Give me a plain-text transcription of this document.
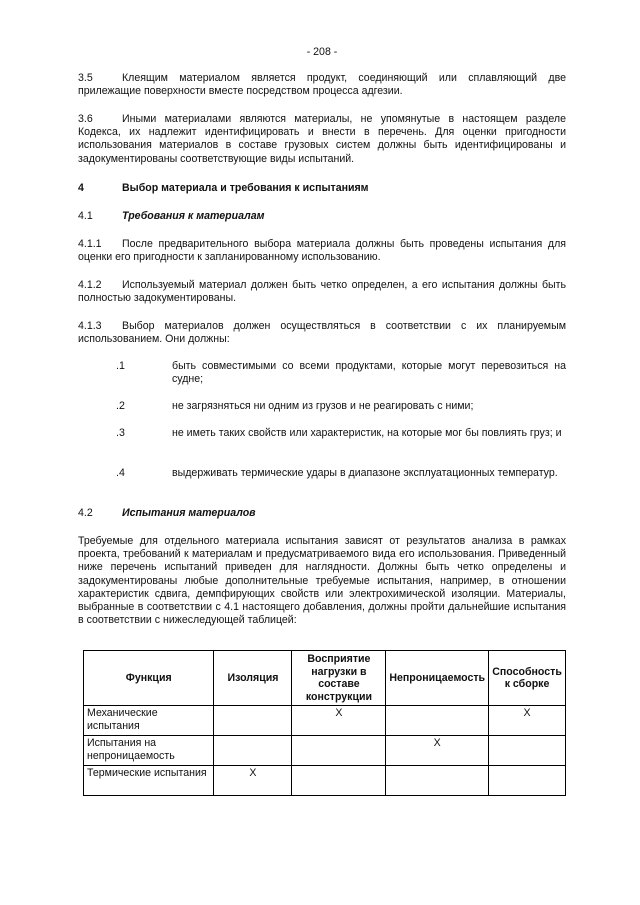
- 208 -
3.5	Клеящим материалом является продукт, соединяющий или сплавляющий две прилежащие поверхности вместе посредством процесса адгезии.
3.6	Иными материалами являются материалы, не упомянутые в настоящем разделе Кодекса, их надлежит идентифицировать и внести в перечень. Для оценки пригодности использования материалов в составе грузовых систем должны быть идентифицированы и задокументированы соответствующие виды испытаний.
4	Выбор материала и требования к испытаниям
4.1	Требования к материалам
4.1.1 После предварительного выбора материала должны быть проведены испытания для оценки его пригодности к запланированному использованию.
4.1.2 Используемый материал должен быть четко определен, а его испытания должны быть полностью задокументированы.
4.1.3 Выбор материалов должен осуществляться в соответствии с их планируемым использованием. Они должны:
.1	быть совместимыми со всеми продуктами, которые могут перевозиться на судне;
.2	не загрязняться ни одним из грузов и не реагировать с ними;
.3	не иметь таких свойств или характеристик, на которые мог бы повлиять груз; и
.4	выдерживать термические удары в диапазоне эксплуатационных температур.
4.2	Испытания материалов
Требуемые для отдельного материала испытания зависят от результатов анализа в рамках проекта, требований к материалам и предусматриваемого вида его использования. Приведенный ниже перечень испытаний приведен для наглядности. Должны быть четко определены и задокументированы любые дополнительные требуемые испытания, например, в отношении характеристик сдвига, демпфирующих свойств или электрохимической изоляции. Материалы, выбранные в соответствии с 4.1 настоящего добавления, должны пройти дальнейшие испытания в соответствии с нижеследующей таблицей:
Функция	Изоляция	Восприятие нагрузки в составе конструкции	Непроницаемость	Способность к сборке
Механические испытания		X		X
Испытания на непроницаемость			X	
Термические испытания	X			
